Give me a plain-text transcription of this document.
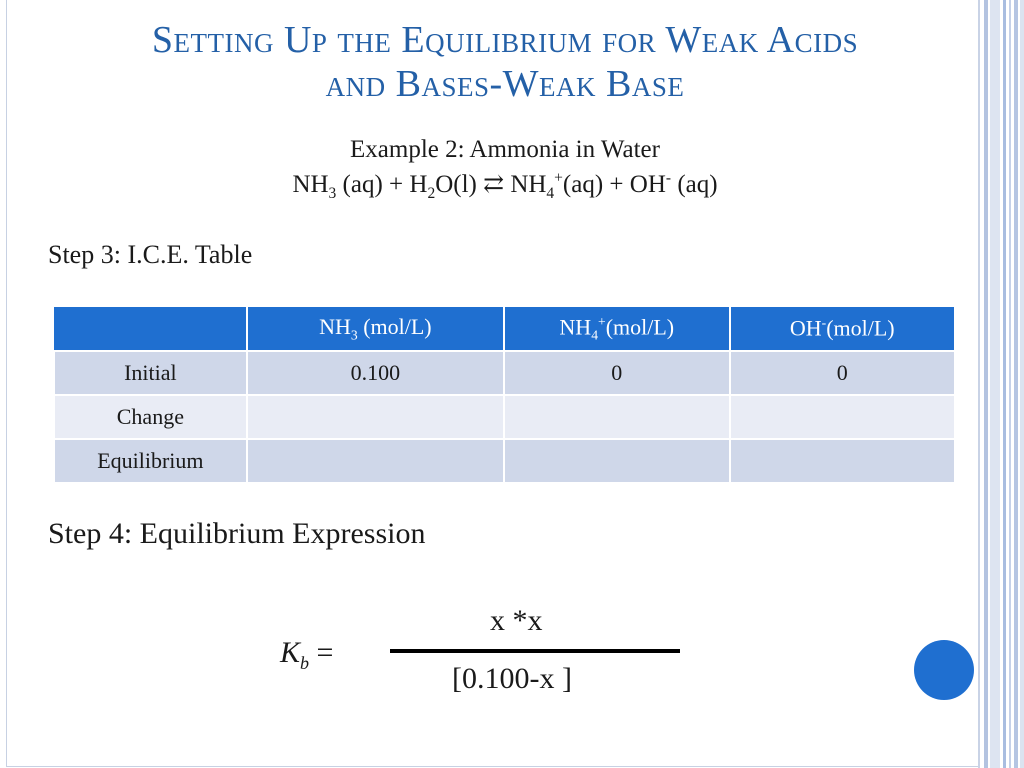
Setting Up the Equilibrium for Weak Acids
and Bases-Weak Base
Example 2: Ammonia in Water
$NH_3$ $(aq) + H_2O(l)$ ⇄ $NH_4^+(aq) + OH^-$ (aq)
Step 3: I.C.E. Table
	$NH_3$ (mol/L)	$NH_4^+(mol/L)$	OH-(mol/L)
Initial	0.100	0	0
Change			
Equilibrium			
Step 4: Equilibrium Expression
$K_b$ =
x *x
[0.100-x ]
